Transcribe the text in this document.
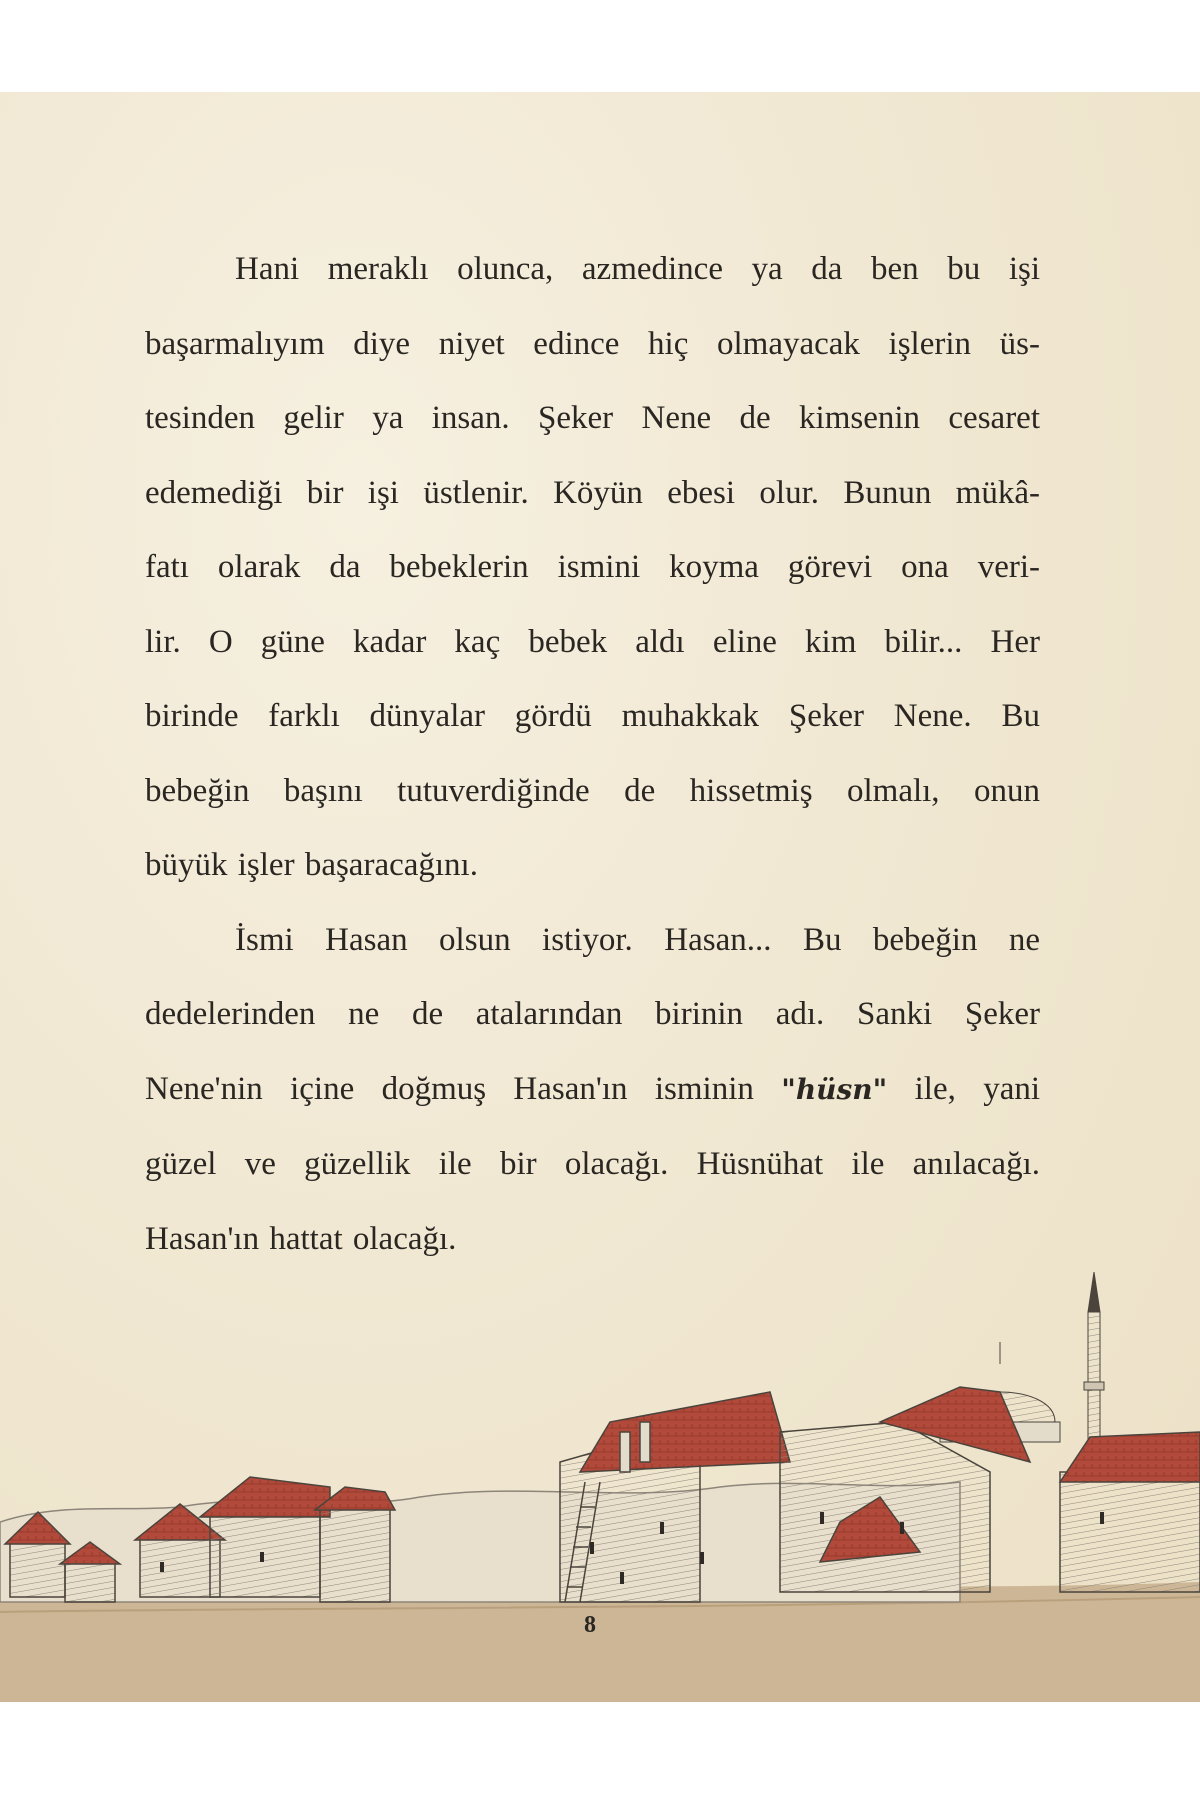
Hani meraklı olunca, azmedince ya da ben bu işi
başarmalıyım diye niyet edince hiç olmayacak işlerin üs-
tesinden gelir ya insan. Şeker Nene de kimsenin cesaret
edemediği bir işi üstlenir. Köyün ebesi olur. Bunun mükâ-
fatı olarak da bebeklerin ismini koyma görevi ona veri-
lir. O güne kadar kaç bebek aldı eline kim bilir... Her
birinde farklı dünyalar gördü muhakkak Şeker Nene. Bu
bebeğin başını tutuverdiğinde de hissetmiş olmalı, onun
büyük işler başaracağını.

İsmi Hasan olsun istiyor. Hasan... Bu bebeğin ne
dedelerinden ne de atalarından birinin adı. Sanki Şeker
Nene'nin içine doğmuş Hasan'ın isminin "hüsn" ile, yani
güzel ve güzellik ile bir olacağı. Hüsnühat ile anılacağı.
Hasan'ın hattat olacağı.

8
